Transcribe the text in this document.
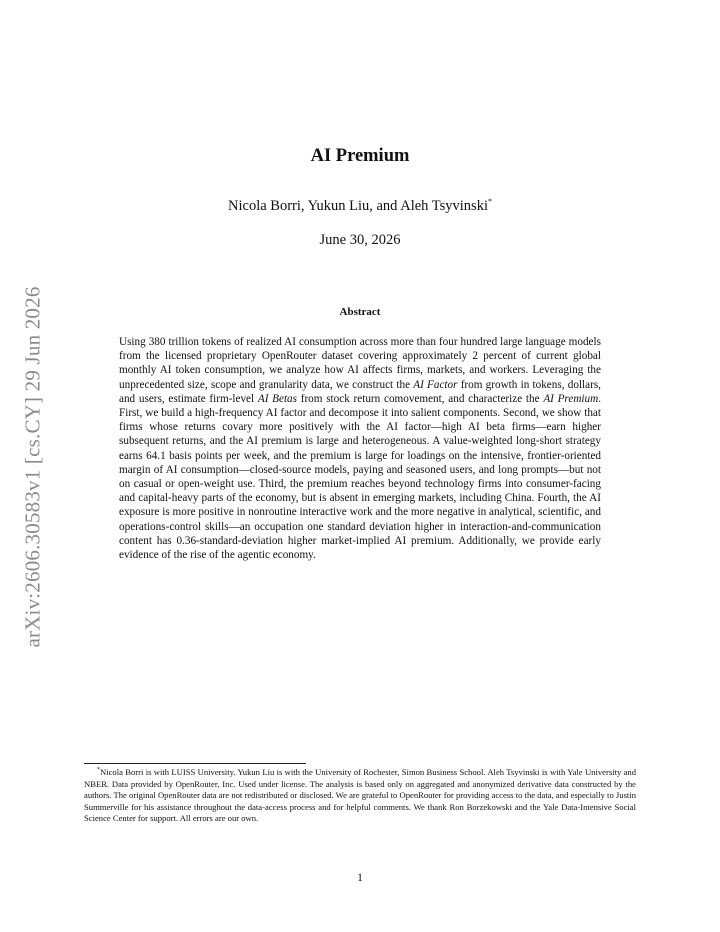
arXiv:2606.30583v1 [cs.CY] 29 Jun 2026
AI Premium
Nicola Borri, Yukun Liu, and Aleh Tsyvinski*
June 30, 2026
Abstract
Using 380 trillion tokens of realized AI consumption across more than four hundred large language models from the licensed proprietary OpenRouter dataset covering approximately 2 percent of current global monthly AI token consumption, we analyze how AI affects firms, markets, and workers. Leveraging the unprecedented size, scope and granularity data, we construct the AI Factor from growth in tokens, dollars, and users, estimate firm-level AI Betas from stock return comovement, and characterize the AI Premium. First, we build a high-frequency AI factor and decompose it into salient components. Second, we show that firms whose returns covary more positively with the AI factor—high AI beta firms—earn higher subsequent returns, and the AI premium is large and heterogeneous. A value-weighted long-short strategy earns 64.1 basis points per week, and the premium is large for loadings on the intensive, frontier-oriented margin of AI consumption—closed-source models, paying and seasoned users, and long prompts—but not on casual or open-weight use. Third, the premium reaches beyond technology firms into consumer-facing and capital-heavy parts of the economy, but is absent in emerging markets, including China. Fourth, the AI exposure is more positive in nonroutine interactive work and the more negative in analytical, scientific, and operations-control skills—an occupation one standard deviation higher in interaction-and-communication content has 0.36-standard-deviation higher market-implied AI premium. Additionally, we provide early evidence of the rise of the agentic economy.
*Nicola Borri is with LUISS University. Yukun Liu is with the University of Rochester, Simon Business School. Aleh Tsyvinski is with Yale University and NBER. Data provided by OpenRouter, Inc. Used under license. The analysis is based only on aggregated and anonymized derivative data constructed by the authors. The original OpenRouter data are not redistributed or disclosed. We are grateful to OpenRouter for providing access to the data, and especially to Justin Summerville for his assistance throughout the data-access process and for helpful comments. We thank Ron Borzekowski and the Yale Data-Intensive Social Science Center for support. All errors are our own.
1
